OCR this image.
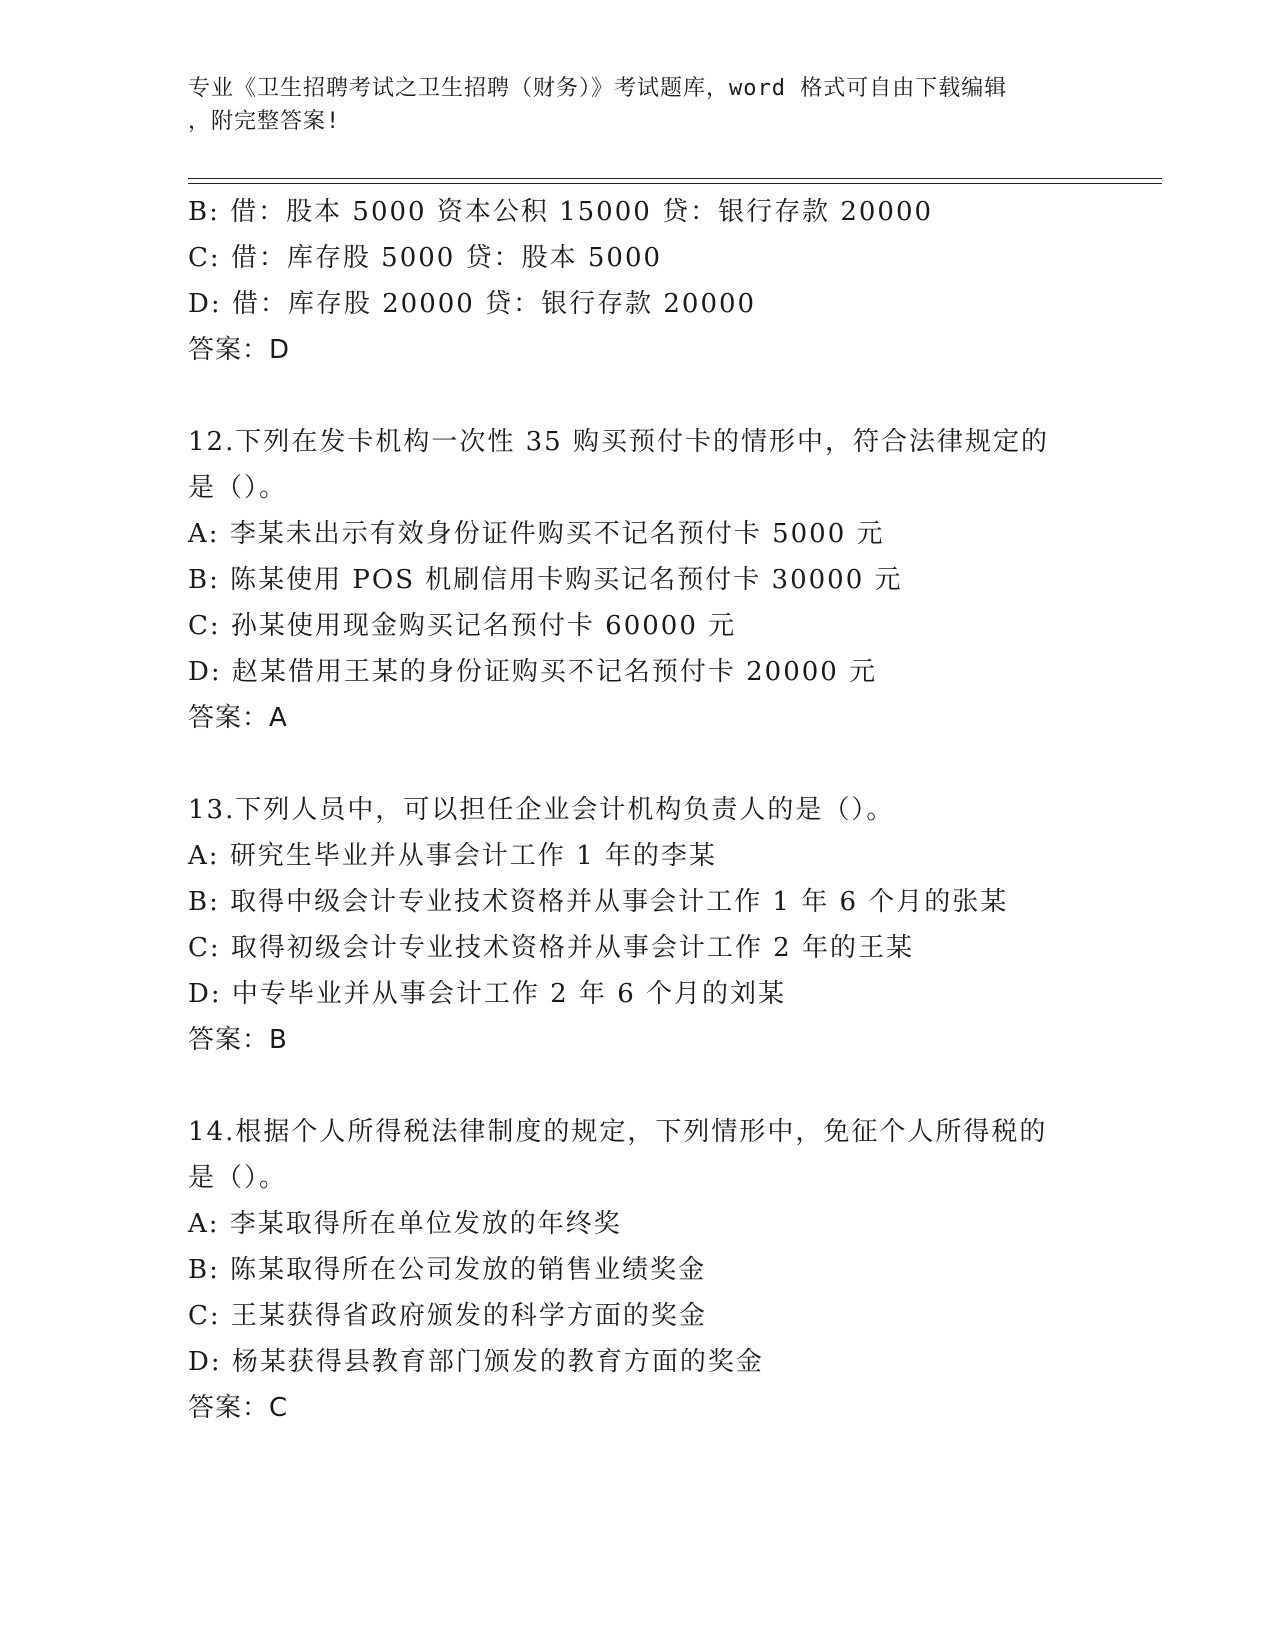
专业《卫生招聘考试之卫生招聘（财务）》考试题库，word 格式可自由下载编辑
，附完整答案!
B: 借：股本 5000 资本公积 15000 贷：银行存款 20000
C: 借：库存股 5000 贷：股本 5000
D: 借：库存股 20000 贷：银行存款 20000
答案：D
12.下列在发卡机构一次性 35 购买预付卡的情形中，符合法律规定的
是（）。
A: 李某未出示有效身份证件购买不记名预付卡 5000 元
B: 陈某使用 POS 机刷信用卡购买记名预付卡 30000 元
C: 孙某使用现金购买记名预付卡 60000 元
D: 赵某借用王某的身份证购买不记名预付卡 20000 元
答案：A
13.下列人员中，可以担任企业会计机构负责人的是（）。
A: 研究生毕业并从事会计工作 1 年的李某
B: 取得中级会计专业技术资格并从事会计工作 1 年 6 个月的张某
C: 取得初级会计专业技术资格并从事会计工作 2 年的王某
D: 中专毕业并从事会计工作 2 年 6 个月的刘某
答案：B
14.根据个人所得税法律制度的规定，下列情形中，免征个人所得税的
是（）。
A: 李某取得所在单位发放的年终奖
B: 陈某取得所在公司发放的销售业绩奖金
C: 王某获得省政府颁发的科学方面的奖金
D: 杨某获得县教育部门颁发的教育方面的奖金
答案：C
